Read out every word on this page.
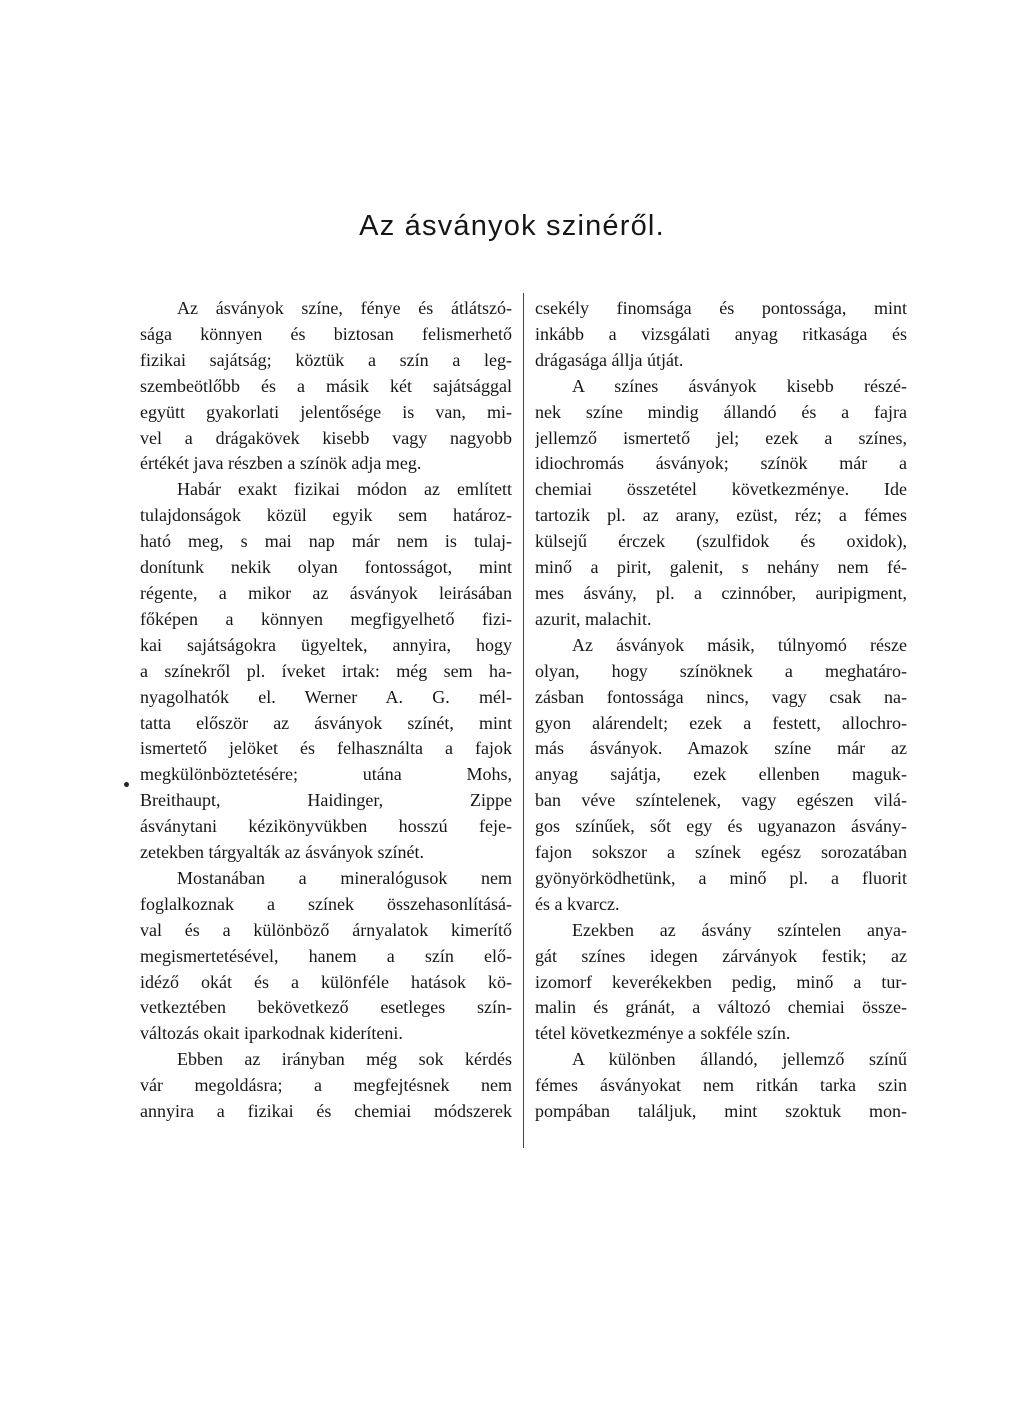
Az ásványok szinéről.

Az ásványok színe, fénye és átlátszó-

sága könnyen és biztosan felismerhető

fizikai sajátság; köztük a szín a leg-

szembeötlőbb és a másik két sajátsággal

együtt gyakorlati jelentősége is van, mi-

vel a drágakövek kisebb vagy nagyobb

értékét java részben a színök adja meg.

Habár exakt fizikai módon az említett

tulajdonságok közül egyik sem határoz-

ható meg, s mai nap már nem is tulaj-

donítunk nekik olyan fontosságot, mint

régente, a mikor az ásványok leirásában

főképen a könnyen megfigyelhető fizi-

kai sajátságokra ügyeltek, annyira, hogy

a színekről pl. íveket irtak: még sem ha-

nyagolhatók el. Werner A. G. mél-

tatta először az ásványok színét, mint

ismertető jelöket és felhasználta a fajok

megkülönböztetésére; utána Mohs,

Breithaupt, Haidinger, Zippe

ásványtani kézikönyvükben hosszú feje-

zetekben tárgyalták az ásványok színét.

Mostanában a mineralógusok nem

foglalkoznak a színek összehasonlításá-

val és a különböző árnyalatok kimerítő

megismertetésével, hanem a szín elő-

idéző okát és a különféle hatások kö-

vetkeztében bekövetkező esetleges szín-

változás okait iparkodnak kideríteni.

Ebben az irányban még sok kérdés

vár megoldásra; a megfejtésnek nem

annyira a fizikai és chemiai módszerek

csekély finomsága és pontossága, mint

inkább a vizsgálati anyag ritkasága és

drágasága állja útját.

A színes ásványok kisebb részé-

nek színe mindig állandó és a fajra

jellemző ismertető jel; ezek a színes,

idiochromás ásványok; színök már a

chemiai összetétel következménye. Ide

tartozik pl. az arany, ezüst, réz; a fémes

külsejű érczek (szulfidok és oxidok),

minő a pirit, galenit, s nehány nem fé-

mes ásvány, pl. a czinnóber, auripigment,

azurit, malachit.

Az ásványok másik, túlnyomó része

olyan, hogy színöknek a meghatáro-

zásban fontossága nincs, vagy csak na-

gyon alárendelt; ezek a festett, allochro-

más ásványok. Amazok színe már az

anyag sajátja, ezek ellenben maguk-

ban véve színtelenek, vagy egészen vilá-

gos színűek, sőt egy és ugyanazon ásvány-

fajon sokszor a színek egész sorozatában

gyönyörködhetünk, a minő pl. a fluorit

és a kvarcz.

Ezekben az ásvány színtelen anya-

gát színes idegen zárványok festik; az

izomorf keverékekben pedig, minő a tur-

malin és gránát, a változó chemiai össze-

tétel következménye a sokféle szín.

A különben állandó, jellemző színű

fémes ásványokat nem ritkán tarka szin

pompában találjuk, mint szoktuk mon-
